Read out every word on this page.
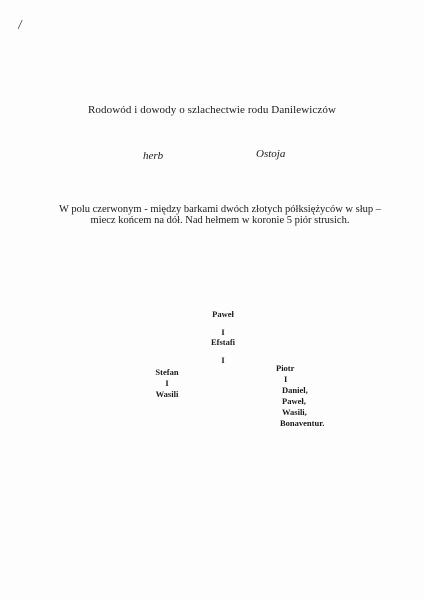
/
Rodowód i dowody o szlachectwie rodu Danilewiczów
herb	Ostoja
W polu czerwonym - między barkami dwóch złotych półksiężyców w słup –
miecz końcem na dół. Nad hełmem w koronie 5 piór strusich.
Paweł
I
Efstafi
I
Stefan
I
Wasili
Piotr
I
Daniel,
Paweł,
Wasili,
Bonaventur.
